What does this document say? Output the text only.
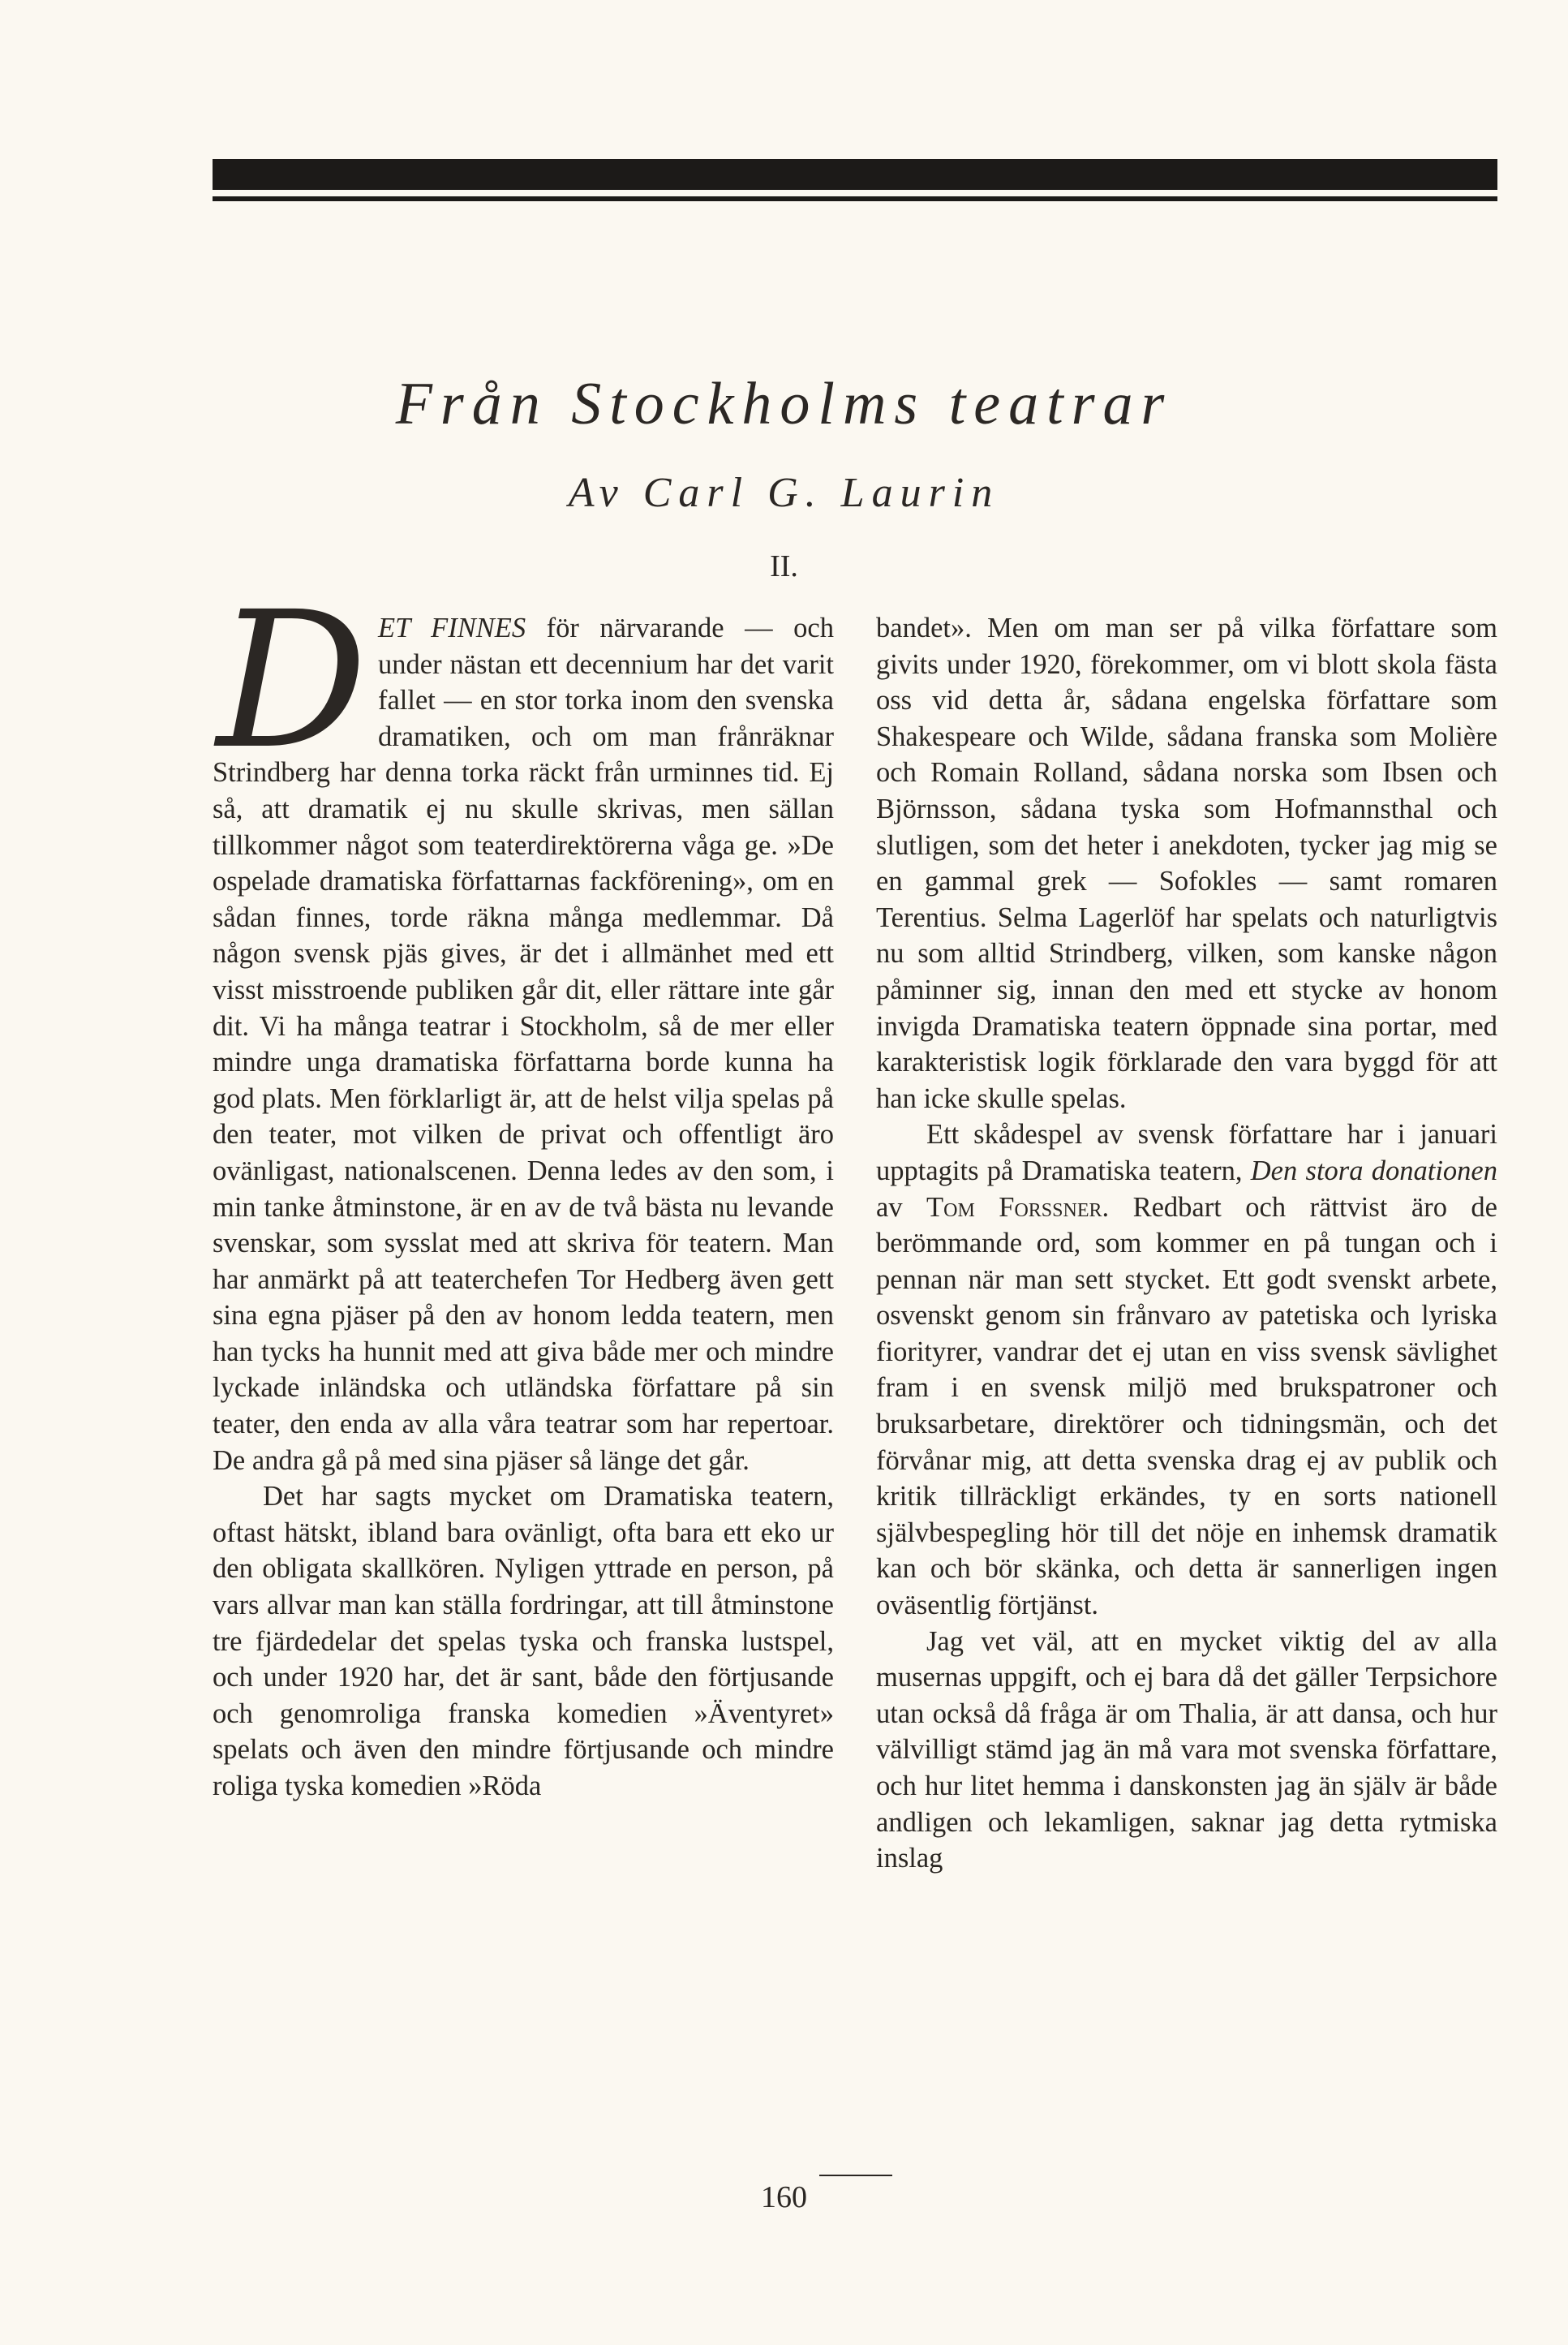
Från Stockholms teatrar
Av Carl G. Laurin
II.

DET FINNES för närvarande — och under nästan ett decennium har det varit fallet — en stor torka inom den svenska dramatiken, och om man frånräknar Strindberg har denna torka räckt från urminnes tid. Ej så, att dramatik ej nu skulle skrivas, men sällan tillkommer något som teaterdirektörerna våga ge. »De ospelade dramatiska författarnas fackförening», om en sådan finnes, torde räkna många medlemmar. Då någon svensk pjäs gives, är det i allmänhet med ett visst misstroende publiken går dit, eller rättare inte går dit. Vi ha många teatrar i Stockholm, så de mer eller mindre unga dramatiska författarna borde kunna ha god plats. Men förklarligt är, att de helst vilja spelas på den teater, mot vilken de privat och offentligt äro ovänligast, nationalscenen. Denna ledes av den som, i min tanke åtminstone, är en av de två bästa nu levande svenskar, som sysslat med att skriva för teatern. Man har anmärkt på att teaterchefen Tor Hedberg även gett sina egna pjäser på den av honom ledda teatern, men han tycks ha hunnit med att giva både mer och mindre lyckade inländska och utländska författare på sin teater, den enda av alla våra teatrar som har repertoar. De andra gå på med sina pjäser så länge det går.

Det har sagts mycket om Dramatiska teatern, oftast hätskt, ibland bara ovänligt, ofta bara ett eko ur den obligata skallkören. Nyligen yttrade en person, på vars allvar man kan ställa fordringar, att till åtminstone tre fjärdedelar det spelas tyska och franska lustspel, och under 1920 har, det är sant, både den förtjusande och genomroliga franska komedien »Äventyret» spelats och även den mindre förtjusande och mindre roliga tyska komedien »Röda

bandet». Men om man ser på vilka författare som givits under 1920, förekommer, om vi blott skola fästa oss vid detta år, sådana engelska författare som Shakespeare och Wilde, sådana franska som Molière och Romain Rolland, sådana norska som Ibsen och Björnsson, sådana tyska som Hofmannsthal och slutligen, som det heter i anekdoten, tycker jag mig se en gammal grek — Sofokles — samt romaren Terentius. Selma Lagerlöf har spelats och naturligtvis nu som alltid Strindberg, vilken, som kanske någon påminner sig, innan den med ett stycke av honom invigda Dramatiska teatern öppnade sina portar, med karakteristisk logik förklarade den vara byggd för att han icke skulle spelas.

Ett skådespel av svensk författare har i januari upptagits på Dramatiska teatern, Den stora donationen av Tom Forssner. Redbart och rättvist äro de berömmande ord, som kommer en på tungan och i pennan när man sett stycket. Ett godt svenskt arbete, osvenskt genom sin frånvaro av patetiska och lyriska fiorityrer, vandrar det ej utan en viss svensk sävlighet fram i en svensk miljö med brukspatroner och bruksarbetare, direktörer och tidningsmän, och det förvånar mig, att detta svenska drag ej av publik och kritik tillräckligt erkändes, ty en sorts nationell självbespegling hör till det nöje en inhemsk dramatik kan och bör skänka, och detta är sannerligen ingen oväsentlig förtjänst.

Jag vet väl, att en mycket viktig del av alla musernas uppgift, och ej bara då det gäller Terpsichore utan också då fråga är om Thalia, är att dansa, och hur välvilligt stämd jag än må vara mot svenska författare, och hur litet hemma i danskonsten jag än själv är både andligen och lekamligen, saknar jag detta rytmiska inslag

160
